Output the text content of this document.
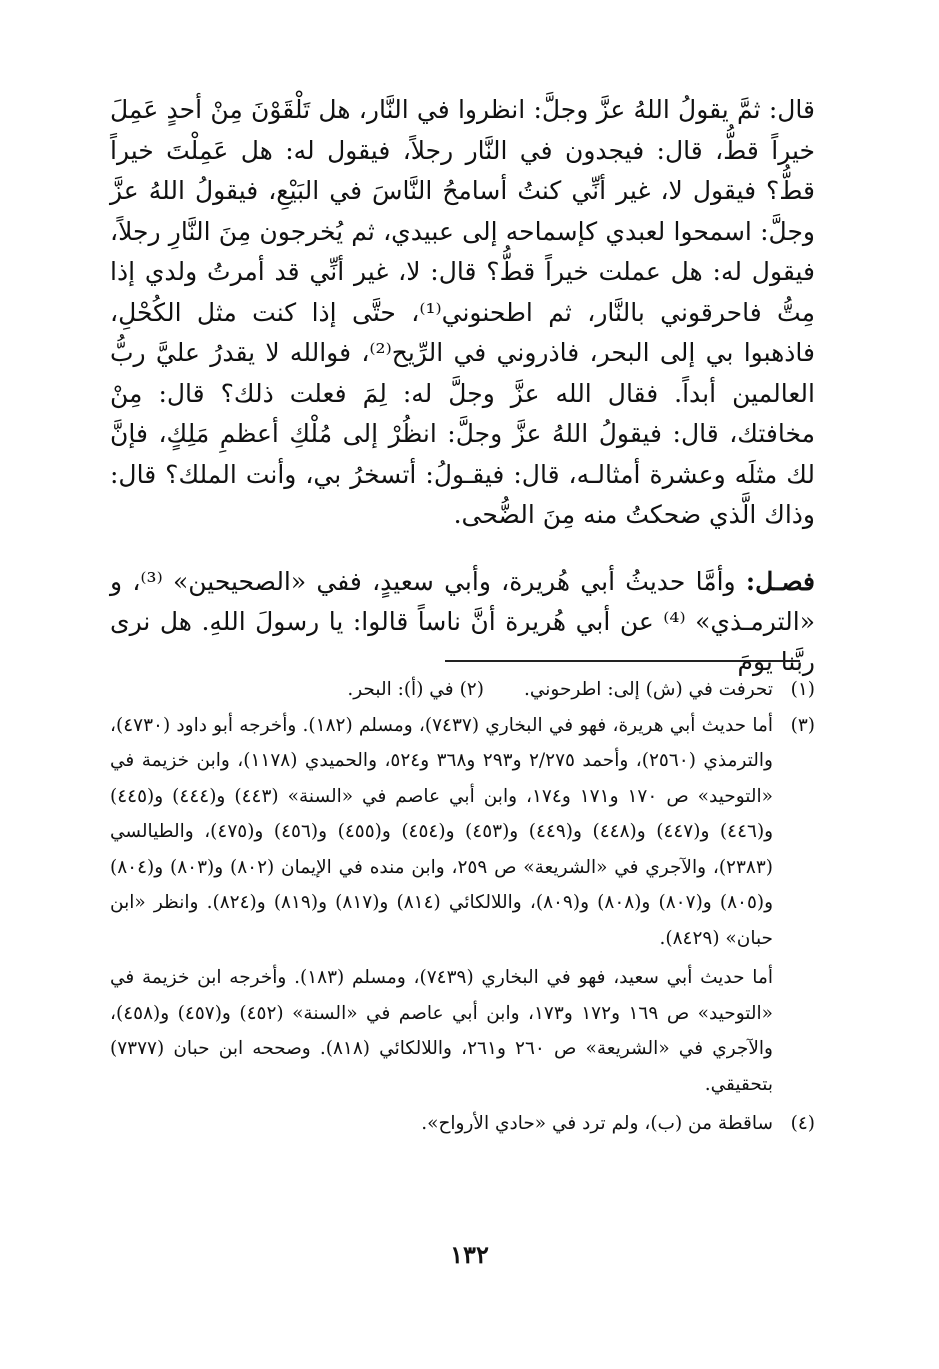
قال: ثمَّ يقولُ اللهُ عزَّ وجلَّ: انظروا في النَّار، هل تَلْقَوْنَ مِنْ أحدٍ عَمِلَ خيراً قطُّ، قال: فيجدون في النَّار رجلاً، فيقول له: هل عَمِلْتَ خيراً قطُّ؟ فيقول لا، غير أنِّي كنتُ أسامحُ النَّاسَ في البَيْعِ، فيقولُ اللهُ عزَّ وجلَّ: اسمحوا لعبدي كإسماحه إلى عبيدي، ثم يُخرجون مِنَ النَّارِ رجلاً، فيقول له: هل عملت خيراً قطُّ؟ قال: لا، غير أنِّي قد أمرتُ ولدي إذا مِتُّ فاحرقوني بالنَّار، ثم اطحنوني⁽¹⁾، حتَّى إذا كنت مثل الكُحْلِ، فاذهبوا بي إلى البحر، فاذروني في الرِّيح⁽²⁾، فوالله لا يقدرُ عليَّ ربُّ العالمين أبداً. فقال الله عزَّ وجلَّ له: لِمَ فعلت ذلك؟ قال: مِنْ مخافتك، قال: فيقولُ اللهُ عزَّ وجلَّ: انظُرْ إلى مُلْكِ أعظمِ مَلِكٍ، فإنَّ لك مثلَه وعشرة أمثالـه، قال: فيقـولُ: أتسخرُ بي، وأنت الملك؟ قال: وذاك الَّذي ضحكتُ منه مِنَ الضُّحى.

فصـل: وأمَّا حديثُ أبي هُريرة، وأبي سعيدٍ، ففي «الصحيحين» ⁽³⁾، و «الترمـذي» ⁽⁴⁾ عن أبي هُريرة أنَّ ناساً قالوا: يا رسولَ اللهِ. هل نرى ربَّنا يومَ

(١)
تحرفت في (ش) إلى: اطرحوني.
(٢)
في (أ): البحر.
(٣)
أما حديث أبي هريرة، فهو في البخاري (٧٤٣٧)، ومسلم (١٨٢). وأخرجه أبو داود (٤٧٣٠)، والترمذي (٢٥٦٠)، وأحمد ٢/٢٧٥ و٢٩٣ و٣٦٨ و٥٢٤، والحميدي (١١٧٨)، وابن خزيمة في «التوحيد» ص ١٧٠ و١٧١ و١٧٤، وابن أبي عاصم في «السنة» (٤٤٣) و(٤٤٤) و(٤٤٥) و(٤٤٦) و(٤٤٧) و(٤٤٨) و(٤٤٩) و(٤٥٣) و(٤٥٤) و(٤٥٥) و(٤٥٦) و(٤٧٥)، والطيالسي (٢٣٨٣)، والآجري في «الشريعة» ص ٢٥٩، وابن منده في الإيمان (٨٠٢) و(٨٠٣) و(٨٠٤) و(٨٠٥) و(٨٠٧) و(٨٠٨) و(٨٠٩)، واللالكائي (٨١٤) و(٨١٧) و(٨١٩) و(٨٢٤). وانظر «ابن حبان» (٨٤٢٩).
أما حديث أبي سعيد، فهو في البخاري (٧٤٣٩)، ومسلم (١٨٣). وأخرجه ابن خزيمة في «التوحيد» ص ١٦٩ و١٧٢ و١٧٣، وابن أبي عاصم في «السنة» (٤٥٢) و(٤٥٧) و(٤٥٨)، والآجري في «الشريعة» ص ٢٦٠ و٢٦١، واللالكائي (٨١٨). وصححه ابن حبان (٧٣٧٧) بتحقيقي.
(٤)
ساقطة من (ب)، ولم ترد في «حادي الأرواح».
١٣٢
